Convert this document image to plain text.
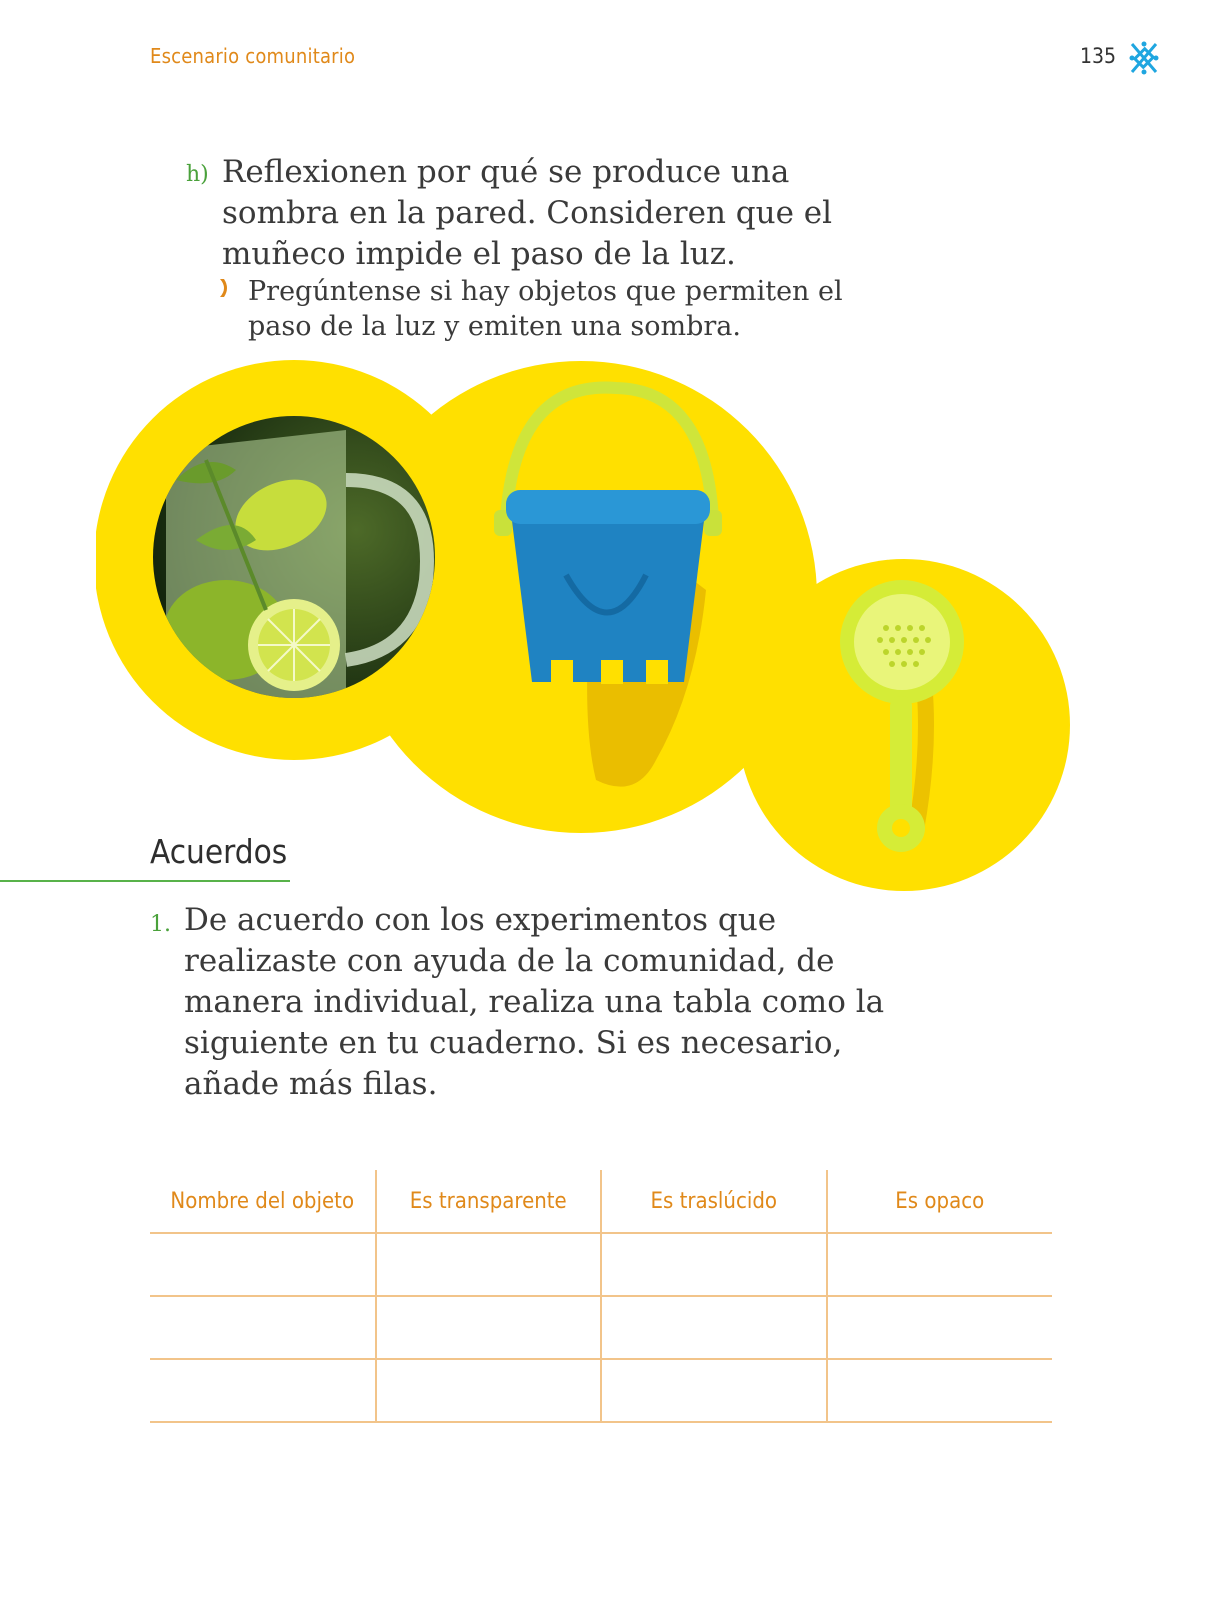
Escenario comunitario	135
h) Reflexionen por qué se produce una sombra en la pared. Consideren que el muñeco impide el paso de la luz.
Pregúntense si hay objetos que permiten el paso de la luz y emiten una sombra.
Acuerdos
1. De acuerdo con los experimentos que realizaste con ayuda de la comunidad, de manera individual, realiza una tabla como la siguiente en tu cuaderno. Si es necesario, añade más filas.
Nombre del objeto	Es transparente	Es traslúcido	Es opaco
